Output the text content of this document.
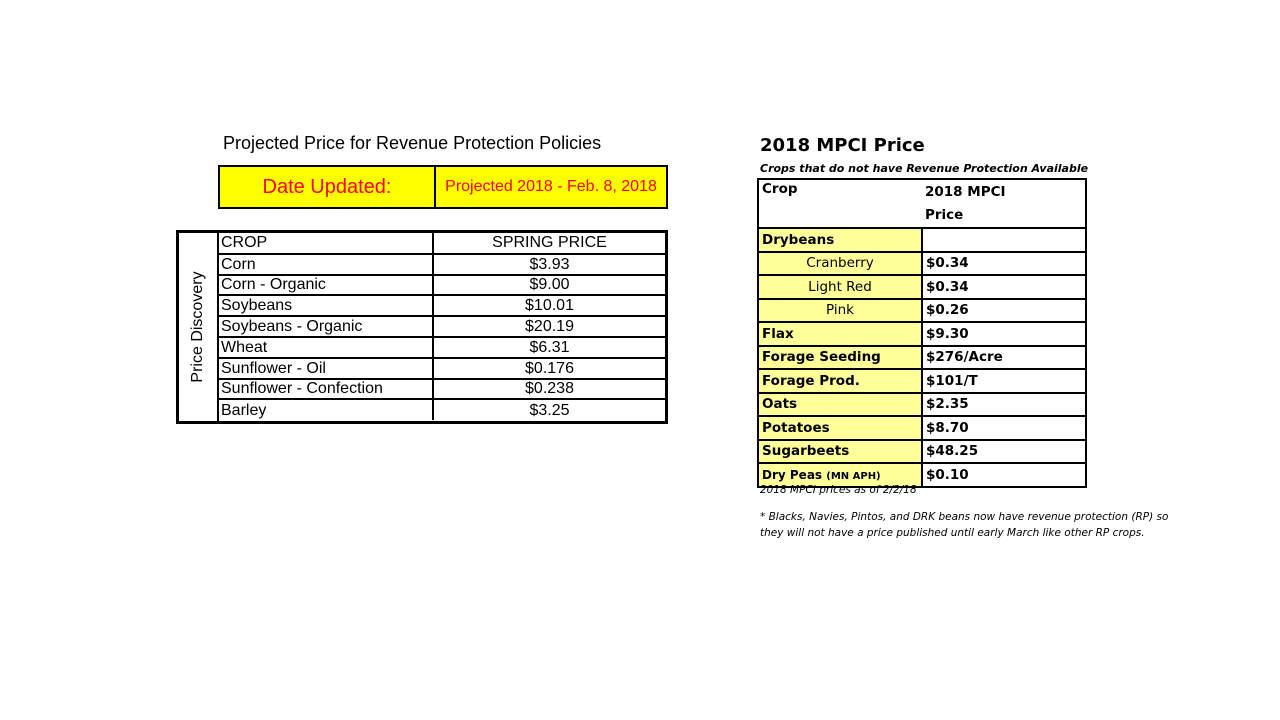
Projected Price for Revenue Protection Policies
Date Updated:	Projected 2018 - Feb. 8, 2018
Price Discovery
CROP	SPRING PRICE
Corn	$3.93
Corn - Organic	$9.00
Soybeans	$10.01
Soybeans - Organic	$20.19
Wheat	$6.31
Sunflower - Oil	$0.176
Sunflower - Confection	$0.238
Barley	$3.25
2018 MPCI Price
Crops that do not have Revenue Protection Available
Crop	2018 MPCI
Price

Drybeans	
Cranberry	$0.34
Light Red	$0.34
Pink	$0.26
Flax	$9.30
Forage Seeding	$276/Acre
Forage Prod.	$101/T
Oats	$2.35
Potatoes	$8.70
Sugarbeets	$48.25
Dry Peas (MN APH)	$0.10
2018 MPCI prices as of 2/2/18
* Blacks, Navies, Pintos, and DRK beans now have revenue protection (RP) so they will not have a price published until early March like other RP crops.
